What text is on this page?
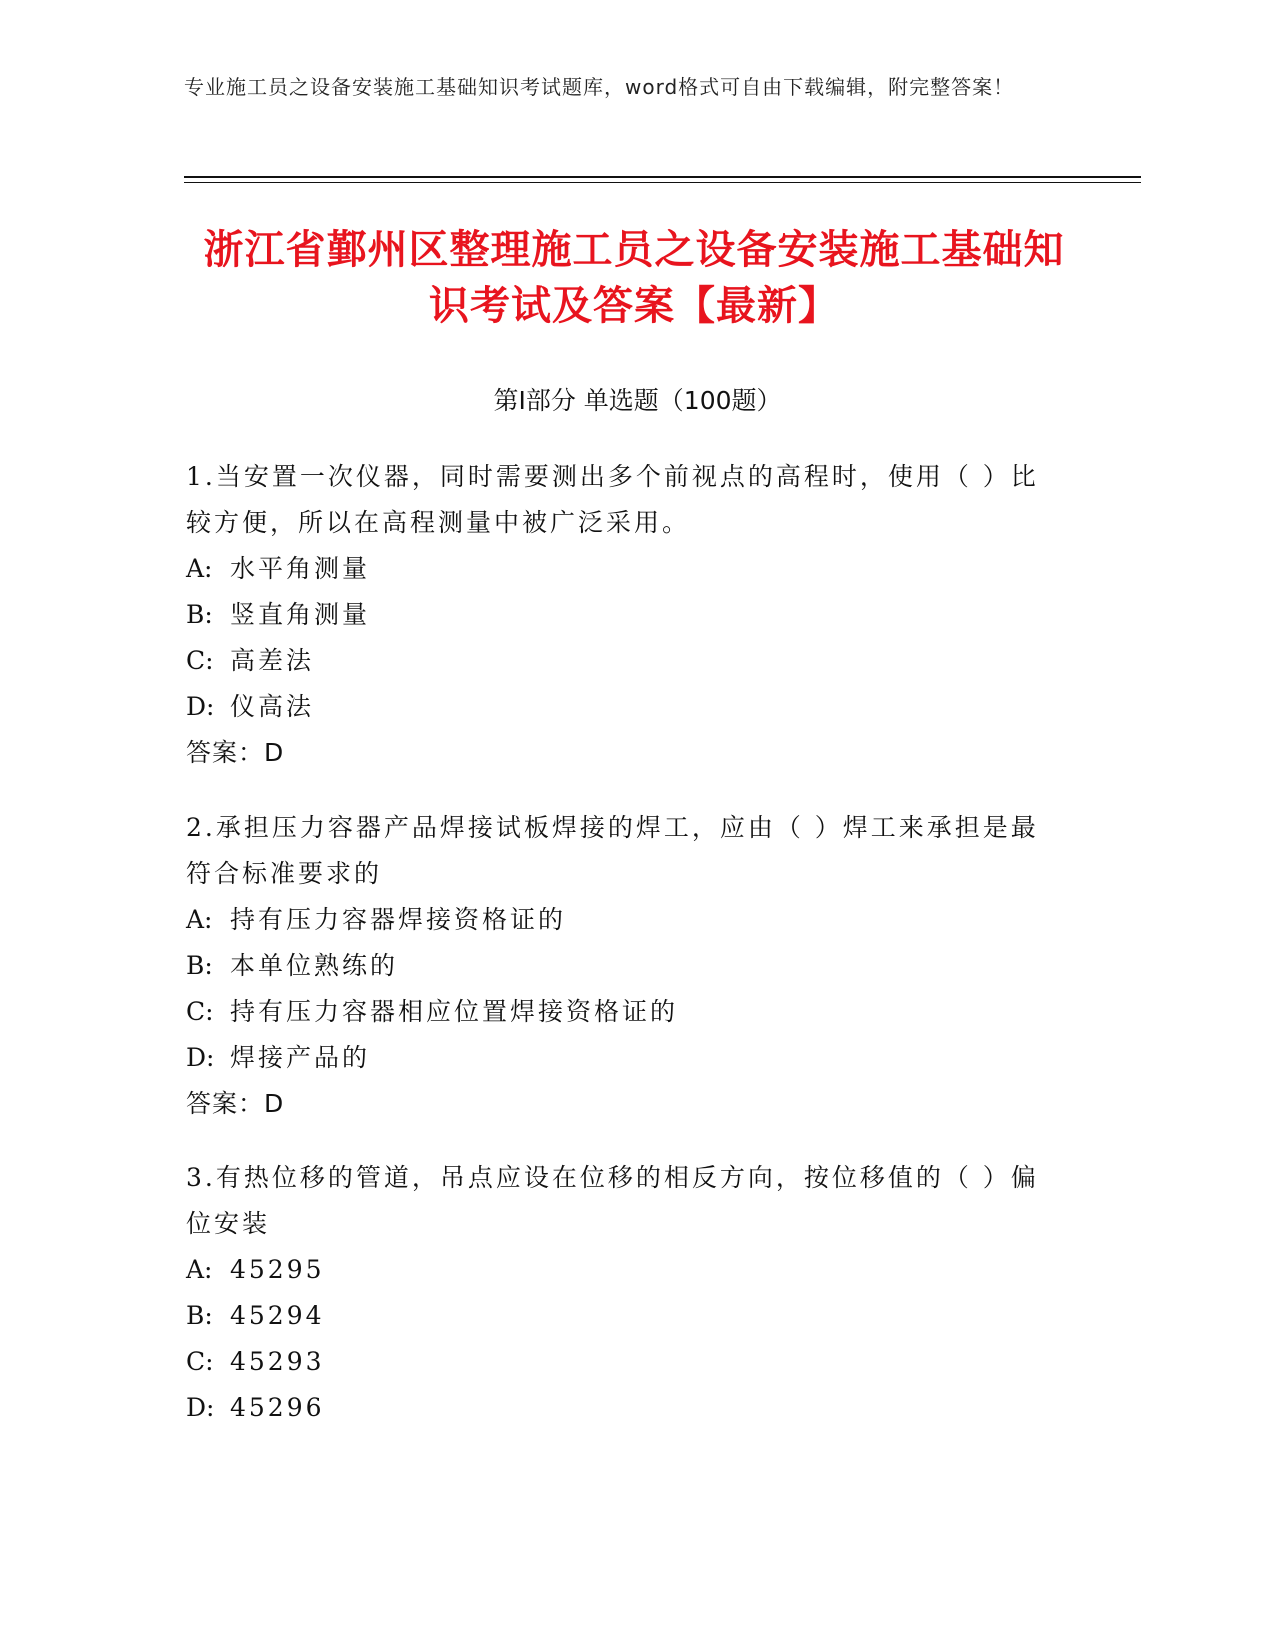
专业施工员之设备安装施工基础知识考试题库，word格式可自由下载编辑，附完整答案！
浙江省鄞州区整理施工员之设备安装施工基础知识考试及答案【最新】
第I部分 单选题（100题）

1.当安置一次仪器，同时需要测出多个前视点的高程时，使用（ ）比较方便，所以在高程测量中被广泛采用。

A: 水平角测量

B: 竖直角测量

C: 高差法

D: 仪高法

答案：D

2.承担压力容器产品焊接试板焊接的焊工，应由（ ）焊工来承担是最符合标准要求的

A: 持有压力容器焊接资格证的

B: 本单位熟练的

C: 持有压力容器相应位置焊接资格证的

D: 焊接产品的

答案：D

3.有热位移的管道，吊点应设在位移的相反方向，按位移值的（ ）偏位安装

A: 45295

B: 45294

C: 45293

D: 45296
